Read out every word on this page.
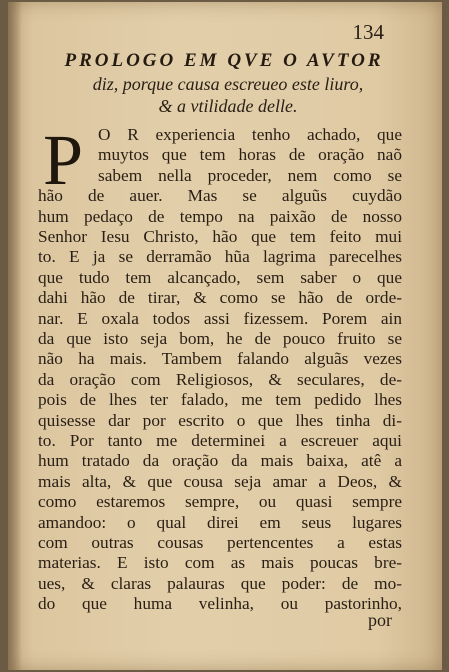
134
PROLOGO EM QVE O AVTOR
diz, porque causa escreueo este liuro,
& a vtilidade delle.
P O R experiencia tenho achado, que
muytos que tem horas de oração naõ
sabem nella proceder, nem como se
hão de auer. Mas se alguũs cuydão
hum pedaço de tempo na paixão de nosso
Senhor Iesu Christo, hão que tem feito mui
to. E ja se derramão hũa lagrima parecelhes
que tudo tem alcançado, sem saber o que
dahi hão de tirar, & como se hão de orde-
nar. E oxala todos assi fizessem. Porem ain
da que isto seja bom, he de pouco fruito se
não ha mais. Tambem falando alguãs vezes
da oração com Religiosos, & seculares, de-
pois de lhes ter falado, me tem pedido lhes
quisesse dar por escrito o que lhes tinha di-
to. Por tanto me determinei a escreuer aqui
hum tratado da oração da mais baixa, atê a
mais alta, & que cousa seja amar a Deos, &
como estaremos sempre, ou quasi sempre
amandoo: o qual direi em seus lugares
com outras cousas pertencentes a estas
materias. E isto com as mais poucas bre-
ues, & claras palauras que poder: de mo-
do que huma velinha, ou pastorinho,
por
